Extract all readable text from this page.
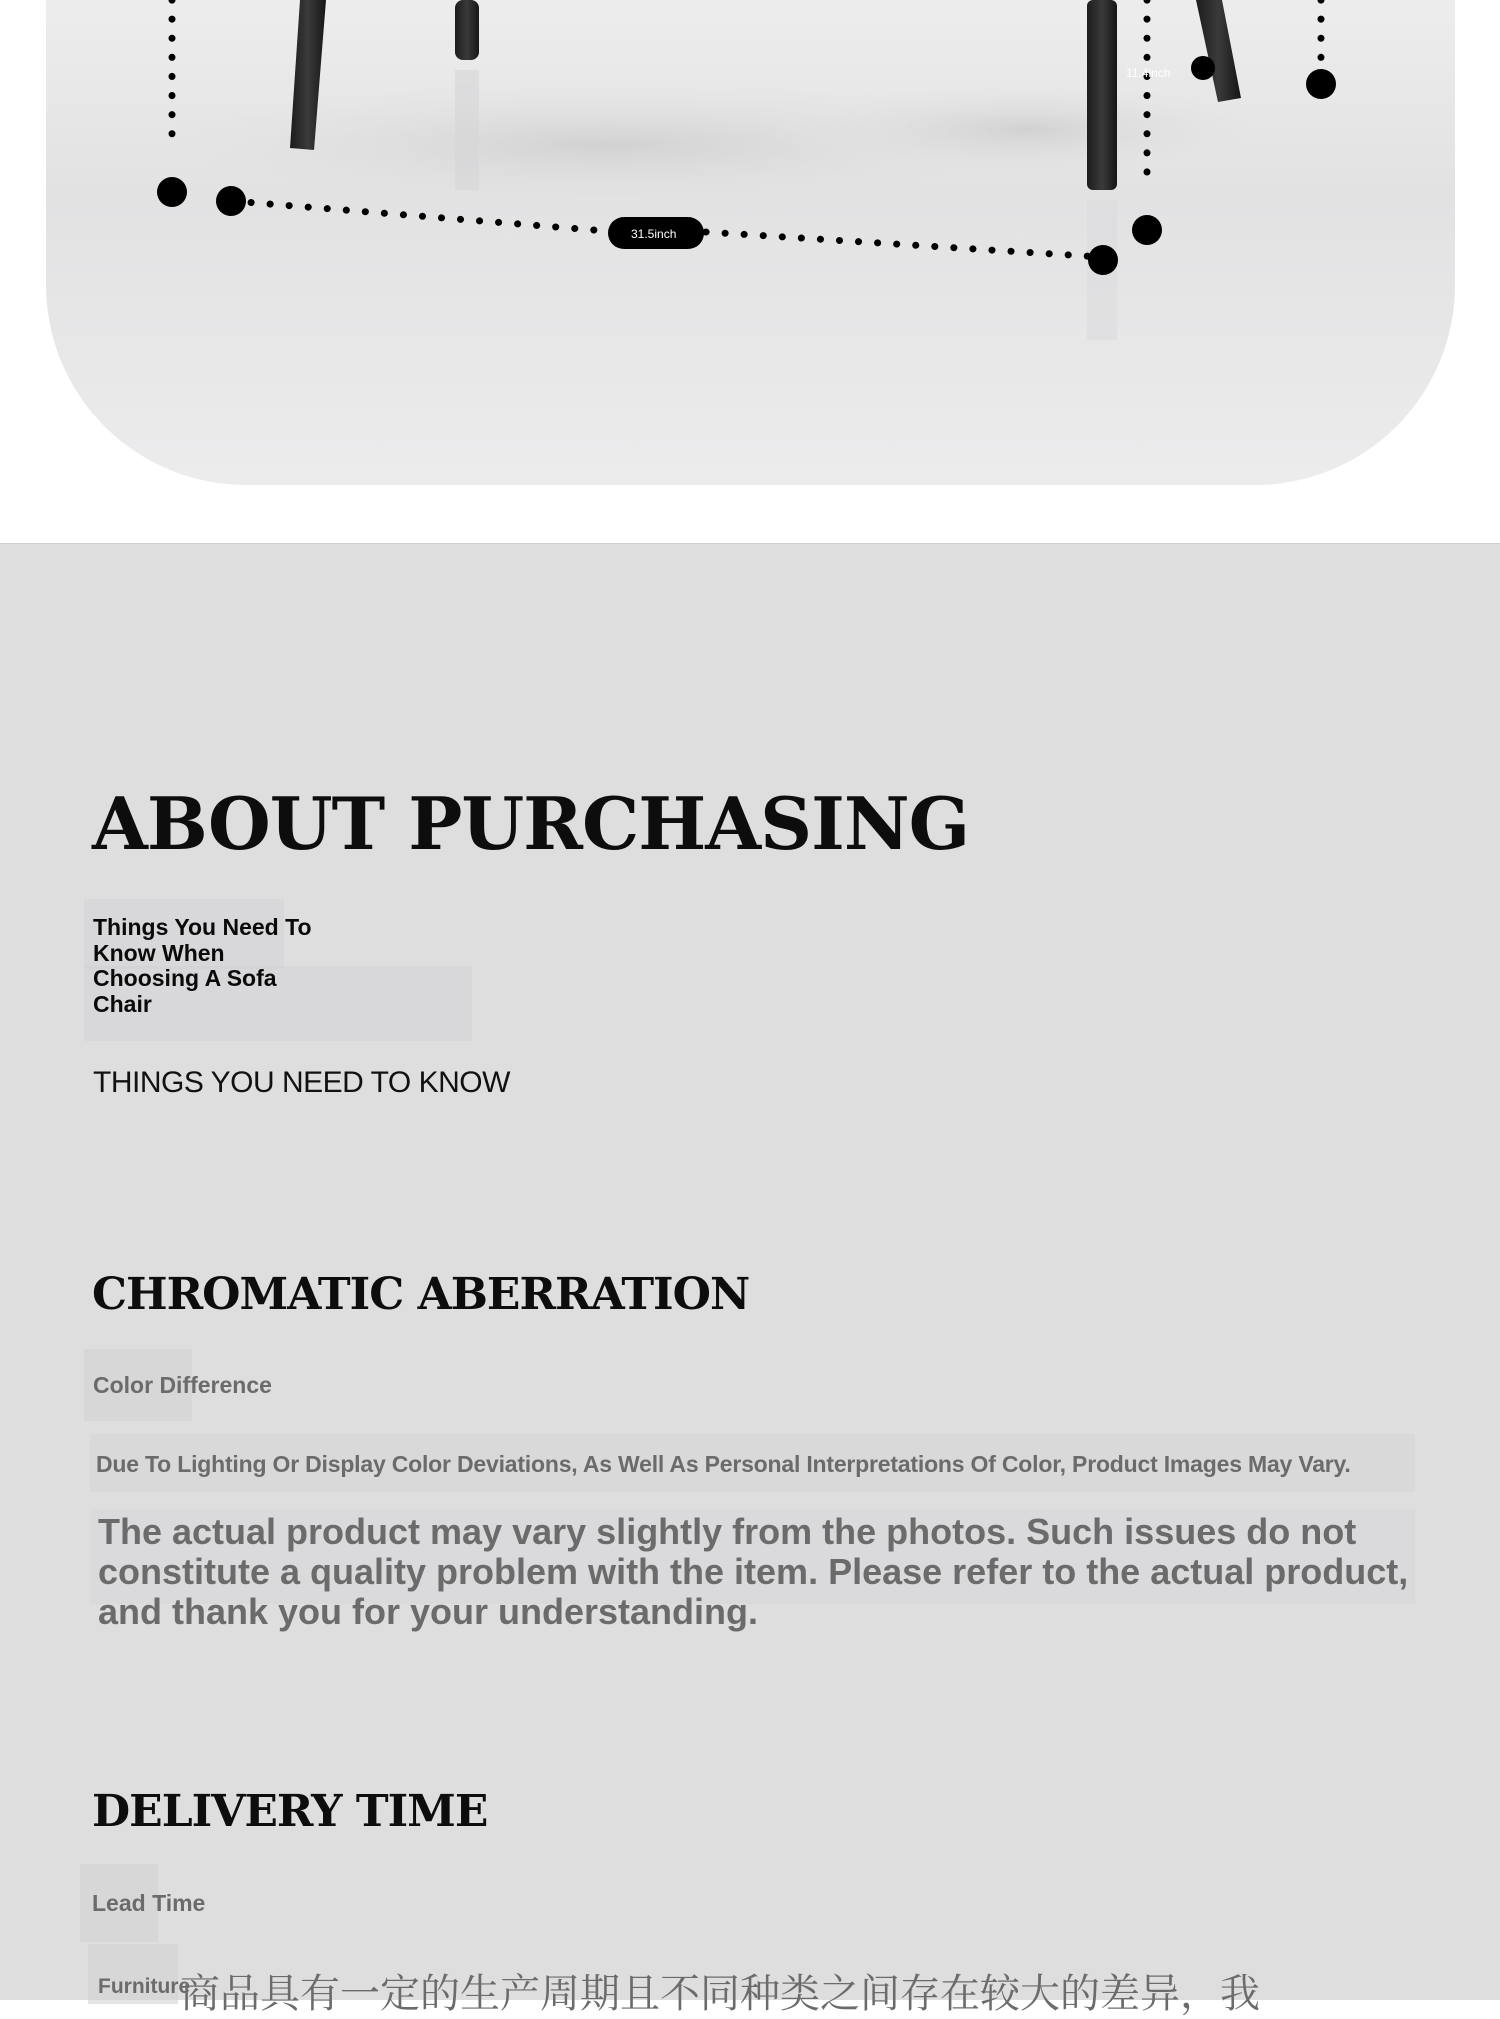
31.5inch
11.4inch
ABOUT PURCHASING

Things You Need To Know When

Choosing A Sofa Chair

THINGS YOU NEED TO KNOW

CHROMATIC ABERRATION

Color Difference

Due To Lighting Or Display Color Deviations, As Well As Personal Interpretations Of Color, Product Images May Vary.

The actual product may vary slightly from the photos. Such issues do not constitute a quality problem with the item. Please refer to the actual product, and thank you for your understanding.

DELIVERY TIME

Lead Time

Furniture

商品具有一定的生产周期且不同种类之间存在较大的差异，我
